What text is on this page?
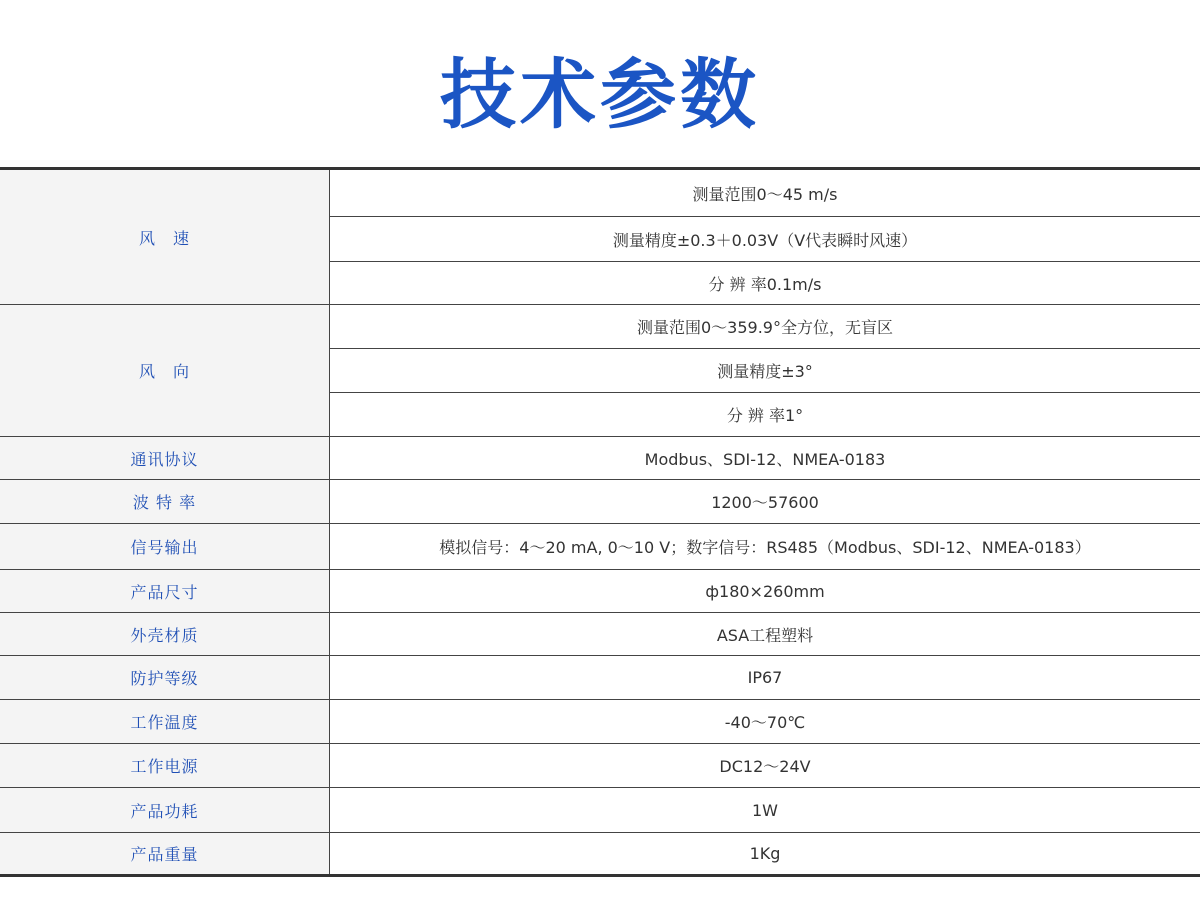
技术参数
风　速	测量范围0～45 m/s
	测量精度±0.3＋0.03V（V代表瞬时风速）
	分 辨 率0.1m/s
风　向	测量范围0～359.9°全方位，无盲区
	测量精度±3°
	分 辨 率1°
通讯协议	Modbus、SDI-12、NMEA-0183
波 特 率	1200～57600
信号输出	模拟信号：4～20 mA, 0～10 V；数字信号：RS485（Modbus、SDI-12、NMEA-0183）
产品尺寸	ф180×260mm
外壳材质	ASA工程塑料
防护等级	IP67
工作温度	-40～70℃
工作电源	DC12～24V
产品功耗	1W
产品重量	1Kg
